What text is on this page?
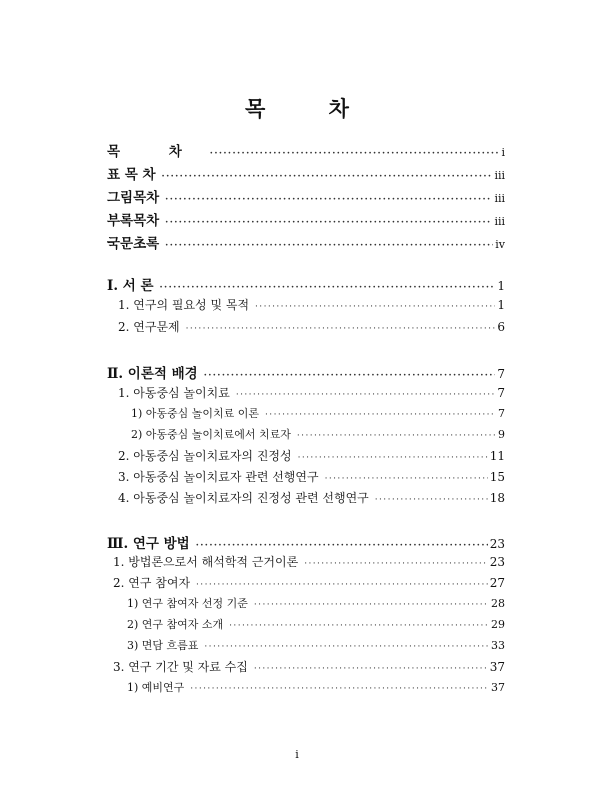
목 차
목 차 ·····	i
표 목 차 ·····	iii
그림목차 ·····	iii
부록목차 ·····	iii
국문초록 ·····	ⅳ
Ⅰ. 서 론 ·····	1
1. 연구의 필요성 및 목적 ·····	1
2. 연구문제 ·····	6
Ⅱ. 이론적 배경 ·····	7
1. 아동중심 놀이치료 ·····	7
1) 아동중심 놀이치료 이론 ·····	7
2) 아동중심 놀이치료에서 치료자 ·····	9
2. 아동중심 놀이치료자의 진정성 ·····	11
3. 아동중심 놀이치료자 관련 선행연구 ·····	15
4. 아동중심 놀이치료자의 진정성 관련 선행연구 ·····	18
Ⅲ. 연구 방법 ·····	23
1. 방법론으로서 해석학적 근거이론 ·····	23
2. 연구 참여자 ·····	27
1) 연구 참여자 선정 기준 ·····	28
2) 연구 참여자 소개 ·····	29
3) 면담 흐름표 ·····	33
3. 연구 기간 및 자료 수집 ·····	37
1) 예비연구 ·····	37
i
